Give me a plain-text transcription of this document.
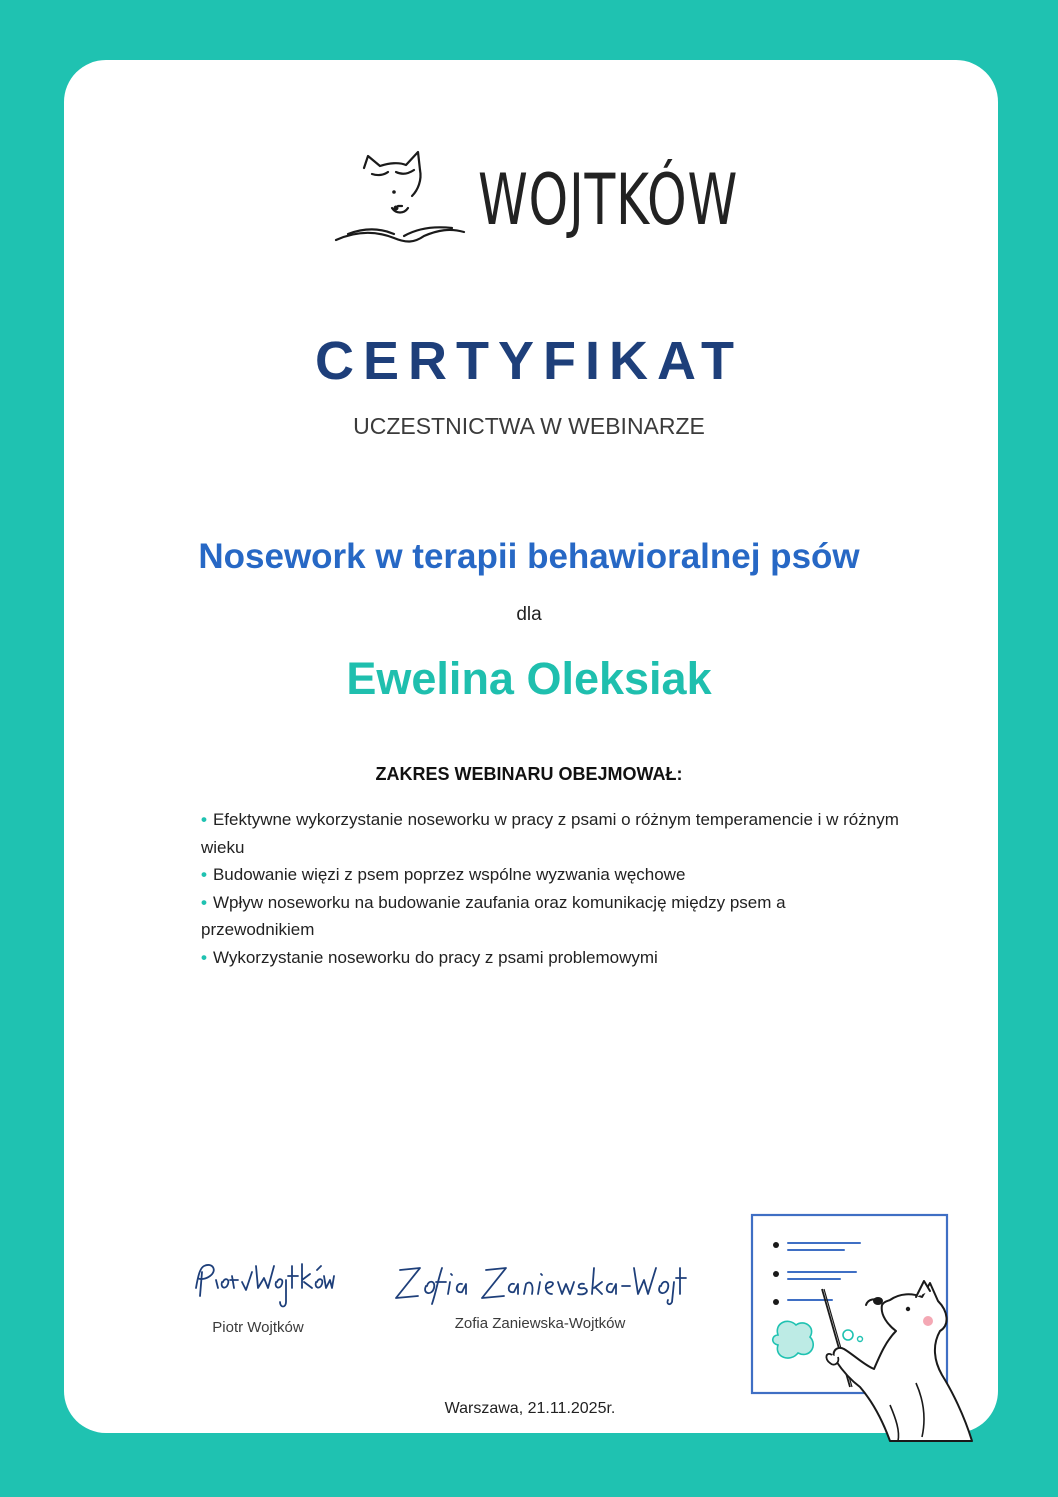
WOJTKÓW
CERTYFIKAT
UCZESTNICTWA W WEBINARZE
Nosework w terapii behawioralnej psów
dla
Ewelina Oleksiak
ZAKRES WEBINARU OBEJMOWAŁ:
• Efektywne wykorzystanie noseworku w pracy z psami o różnym temperamencie i w różnym wieku
• Budowanie więzi z psem poprzez wspólne wyzwania węchowe
• Wpływ noseworku na budowanie zaufania oraz komunikację między psem a przewodnikiem
• Wykorzystanie noseworku do pracy z psami problemowymi
Piotr Wojtków	Zofia Zaniewska-Wojtków
Warszawa, 21.11.2025r.
